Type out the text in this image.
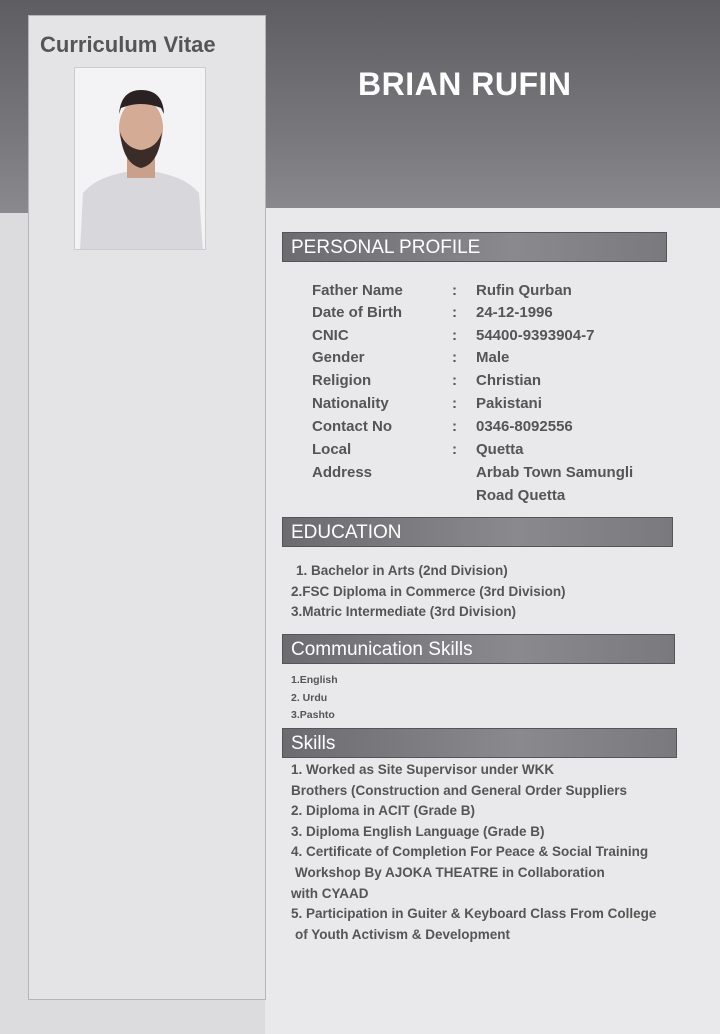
Curriculum Vitae
BRIAN RUFIN
PERSONAL PROFILE
Father Name	: Rufin Qurban
Date of Birth	: 24-12-1996
CNIC	: 54400-9393904-7
Gender	: Male
Religion	: Christian
Nationality	: Pakistani
Contact No	: 0346-8092556
Local	: Quetta
Address	Arbab Town Samungli
Road Quetta
EDUCATION
1. Bachelor in Arts (2nd Division)
2.FSC Diploma in Commerce (3rd Division)
3.Matric Intermediate (3rd Division)
Communication Skills
1.English
2. Urdu
3.Pashto
Skills
1. Worked as Site Supervisor under WKK
Brothers (Construction and General Order Suppliers
2. Diploma in ACIT (Grade B)
3. Diploma English Language (Grade B)
4. Certificate of Completion For Peace & Social Training
Workshop By AJOKA THEATRE in Collaboration
with CYAAD
5. Participation in Guiter & Keyboard Class From College
of Youth Activism & Development
